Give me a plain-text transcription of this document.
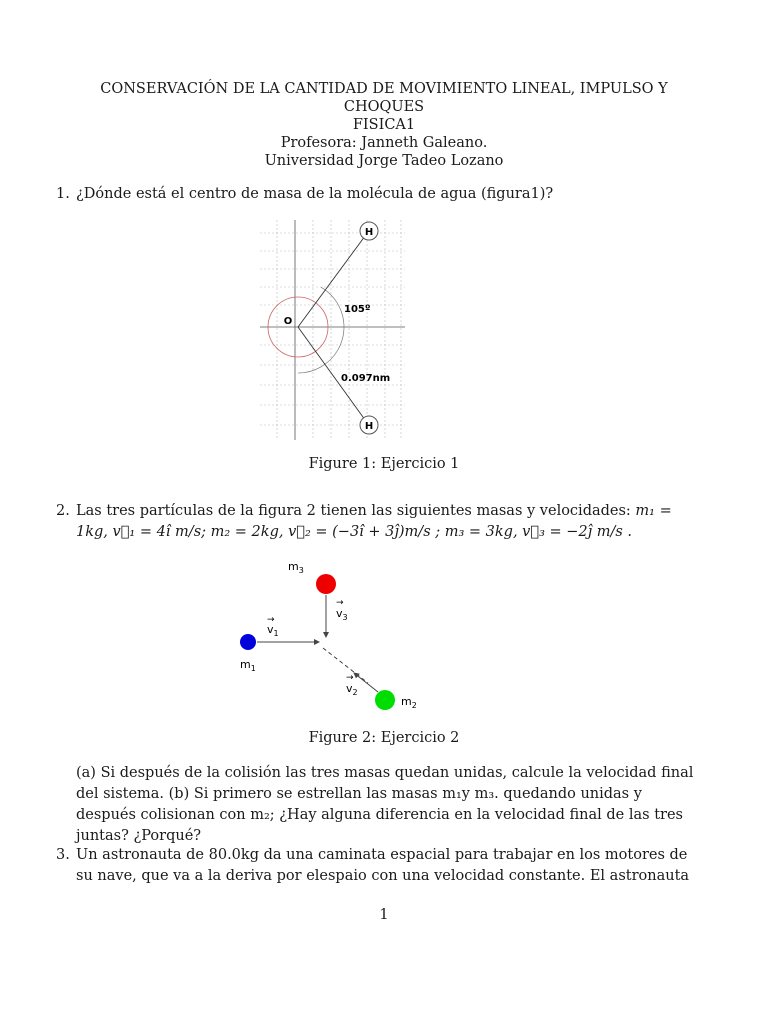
CONSERVACIÓN DE LA CANTIDAD DE MOVIMIENTO LINEAL, IMPULSO Y
CHOQUES
FISICA1
Profesora: Janneth Galeano.
Universidad Jorge Tadeo Lozano
1. ¿Dónde está el centro de masa de la molécula de agua (figura1)?
H
O
H
105º
0.097nm
Figure 1: Ejercicio 1
2. Las tres partículas de la figura 2 tienen las siguientes masas y velocidades: m₁ =
1kg, v⃗₁ = 4î m/s; m₂ = 2kg, v⃗₂ = (−3î + 3ĵ)m/s ; m₃ = 3kg, v⃗₃ = −2ĵ m/s .
$m_3$
$v_3$
→
$v_1$
→
$m_1$
$v_2$
→
$m_2$
Figure 2: Ejercicio 2
(a) Si después de la colisión las tres masas quedan unidas, calcule la velocidad final
del sistema. (b) Si primero se estrellan las masas m₁y m₃. quedando unidas y
después colisionan con m₂; ¿Hay alguna diferencia en la velocidad final de las tres
juntas? ¿Porqué?
3. Un astronauta de 80.0kg da una caminata espacial para trabajar en los motores de
su nave, que va a la deriva por elespaio con una velocidad constante. El astronauta
1
